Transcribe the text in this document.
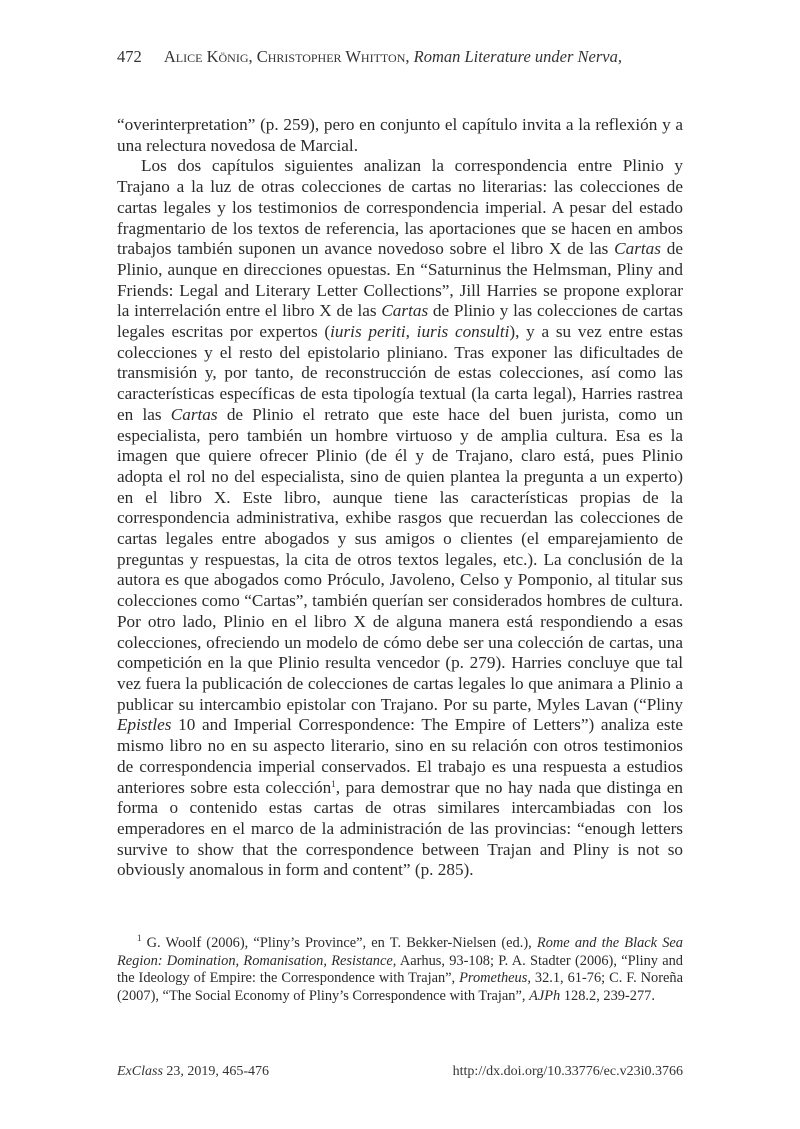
472 Alice König, Christopher Whitton, Roman Literature under Nerva,

“overinterpretation” (p. 259), pero en conjunto el capítulo invita a la reflexión y a una relectura novedosa de Marcial.

Los dos capítulos siguientes analizan la correspondencia entre Plinio y Trajano a la luz de otras colecciones de cartas no literarias: las colecciones de cartas legales y los testimonios de correspondencia imperial. A pesar del estado fragmentario de los textos de referencia, las aportaciones que se hacen en ambos trabajos también suponen un avance novedoso sobre el libro X de las Cartas de Plinio, aunque en direcciones opuestas. En “Saturninus the Helmsman, Pliny and Friends: Legal and Literary Letter Collections”, Jill Harries se propone explorar la interrelación entre el libro X de las Cartas de Plinio y las colecciones de cartas legales escritas por expertos (iuris periti, iuris consulti), y a su vez entre estas colecciones y el resto del epistolario pliniano. Tras exponer las dificultades de transmisión y, por tanto, de reconstrucción de estas colecciones, así como las características específicas de esta tipología textual (la carta legal), Harries rastrea en las Cartas de Plinio el retrato que este hace del buen jurista, como un especialista, pero también un hombre virtuoso y de amplia cultura. Esa es la imagen que quiere ofrecer Plinio (de él y de Trajano, claro está, pues Plinio adopta el rol no del especialista, sino de quien plantea la pregunta a un experto) en el libro X. Este libro, aunque tiene las características propias de la correspondencia administrativa, exhibe rasgos que recuerdan las colecciones de cartas legales entre abogados y sus amigos o clientes (el emparejamiento de preguntas y respuestas, la cita de otros textos legales, etc.). La conclusión de la autora es que abogados como Próculo, Javoleno, Celso y Pomponio, al titular sus colecciones como “Cartas”, también querían ser considerados hombres de cultura. Por otro lado, Plinio en el libro X de alguna manera está respondiendo a esas colecciones, ofreciendo un modelo de cómo debe ser una colección de cartas, una competición en la que Plinio resulta vencedor (p. 279). Harries concluye que tal vez fuera la publicación de colecciones de cartas legales lo que animara a Plinio a publicar su intercambio epistolar con Trajano. Por su parte, Myles Lavan (“Pliny Epistles 10 and Imperial Correspondence: The Empire of Letters”) analiza este mismo libro no en su aspecto literario, sino en su relación con otros testimonios de correspondencia imperial conservados. El trabajo es una respuesta a estudios anteriores sobre esta colección$^1$, para demostrar que no hay nada que distinga en forma o contenido estas cartas de otras similares intercambiadas con los emperadores en el marco de la administración de las provincias: “enough letters survive to show that the correspondence between Trajan and Pliny is not so obviously anomalous in form and content” (p. 285).

$^1$ G. Woolf (2006), “Pliny’s Province”, en T. Bekker-Nielsen (ed.), Rome and the Black Sea Region: Domination, Romanisation, Resistance, Aarhus, 93-108; P. A. Stadter (2006), “Pliny and the Ideology of Empire: the Correspondence with Trajan”, Prometheus, 32.1, 61-76; C. F. Noreña (2007), “The Social Economy of Pliny’s Correspondence with Trajan”, AJPh 128.2, 239-277.

ExClass 23, 2019, 465-476	http://dx.doi.org/10.33776/ec.v23i0.3766
